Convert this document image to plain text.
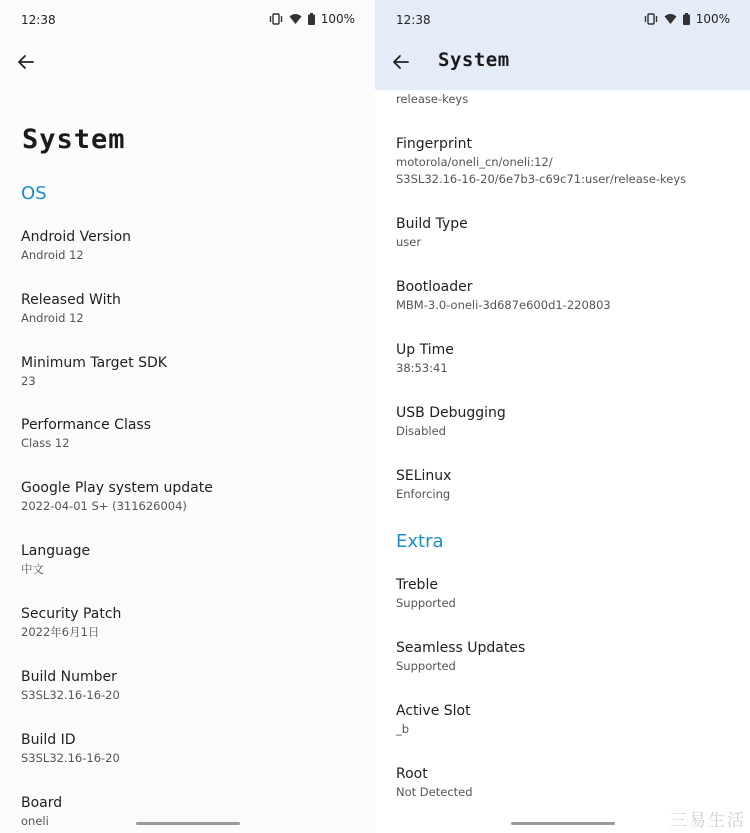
12:38	100%
System
OS
Android Version
Android 12
Released With
Android 12
Minimum Target SDK
23
Performance Class
Class 12
Google Play system update
2022-04-01 S+ (311626004)
Language
中文
Security Patch
2022年6月1日
Build Number
S3SL32.16-16-20
Build ID
S3SL32.16-16-20
Board
oneli
release-keys
Fingerprint
motorola/oneli_cn/oneli:12/
S3SL32.16-16-20/6e7b3-c69c71:user/release-keys
Build Type
user
Bootloader
MBM-3.0-oneli-3d687e600d1-220803
Up Time
38:53:41
USB Debugging
Disabled
SELinux
Enforcing
Extra
Treble
Supported
Seamless Updates
Supported
Active Slot
_b
Root
Not Detected
12:38	100%
System
三易生活
